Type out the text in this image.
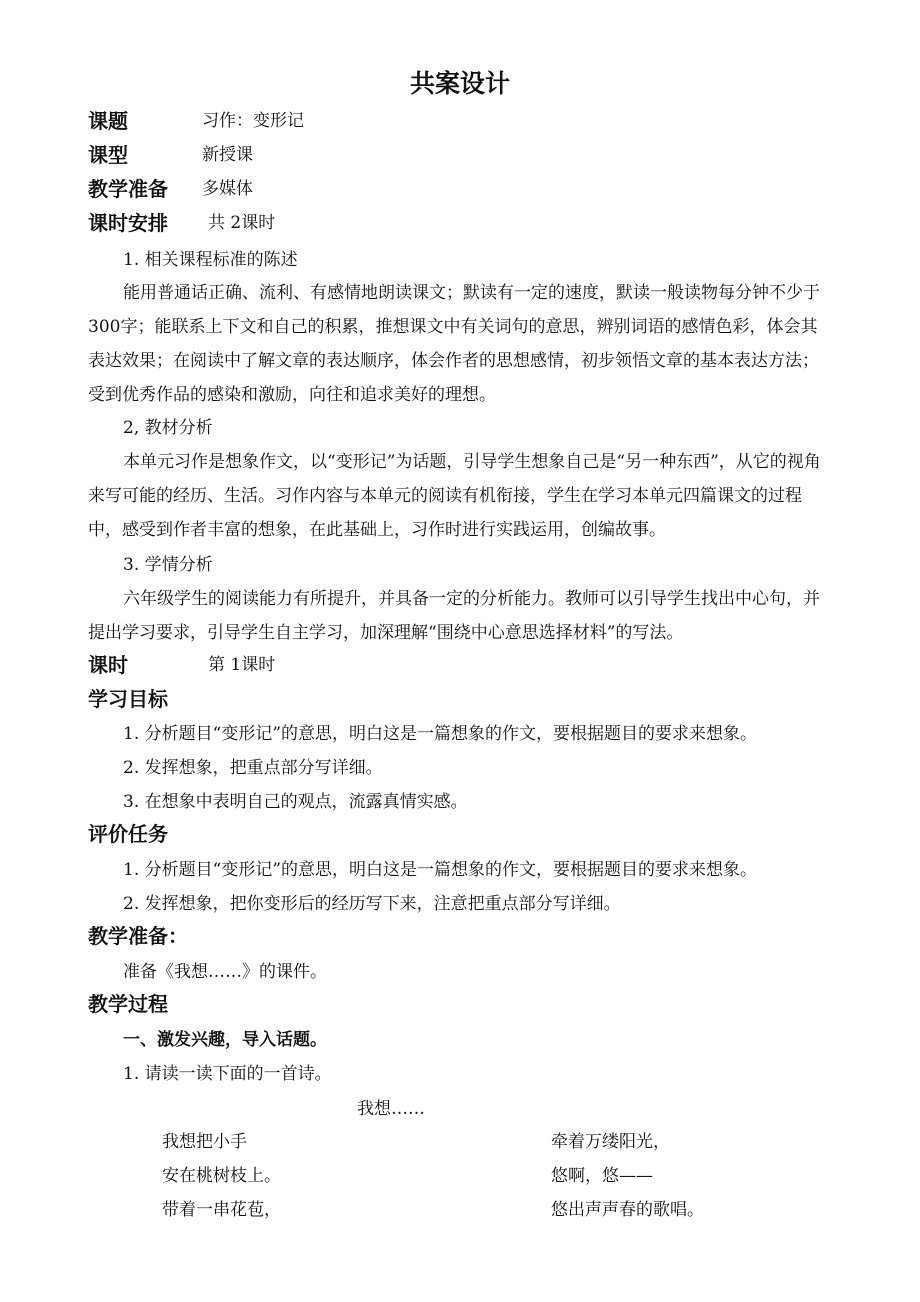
共案设计
课题	习作：变形记
课型	新授课
教学准备 多媒体
课时安排 共 2课时
1. 相关课程标准的陈述
能用普通话正确、流利、有感情地朗读课文；默读有一定的速度，默读一般读物每分钟不少于300字；能联系上下文和自己的积累，推想课文中有关词句的意思，辨别词语的感情色彩，体会其表达效果；在阅读中了解文章的表达顺序，体会作者的思想感情，初步领悟文章的基本表达方法；受到优秀作品的感染和激励，向往和追求美好的理想。
2, 教材分析
本单元习作是想象作文，以“变形记”为话题，引导学生想象自己是“另一种东西”，从它的视角来写可能的经历、生活。习作内容与本单元的阅读有机衔接，学生在学习本单元四篇课文的过程中，感受到作者丰富的想象，在此基础上，习作时进行实践运用，创编故事。
3. 学情分析
六年级学生的阅读能力有所提升，并具备一定的分析能力。教师可以引导学生找出中心句，并提出学习要求，引导学生自主学习，加深理解“围绕中心意思选择材料”的写法。
课时	第 1课时
学习目标
1. 分析题目“变形记”的意思，明白这是一篇想象的作文，要根据题目的要求来想象。
2. 发挥想象，把重点部分写详细。
3. 在想象中表明自己的观点，流露真情实感。
评价任务
1. 分析题目“变形记”的意思，明白这是一篇想象的作文，要根据题目的要求来想象。
2. 发挥想象，把你变形后的经历写下来，注意把重点部分写详细。
教学准备：
准备《我想……》的课件。
教学过程
一、激发兴趣，导入话题。
1. 请读一读下面的一首诗。
我想……
我想把小手
安在桃树枝上。
带着一串花苞，
牵着万缕阳光，
悠啊，悠——
悠出声声春的歌唱。
